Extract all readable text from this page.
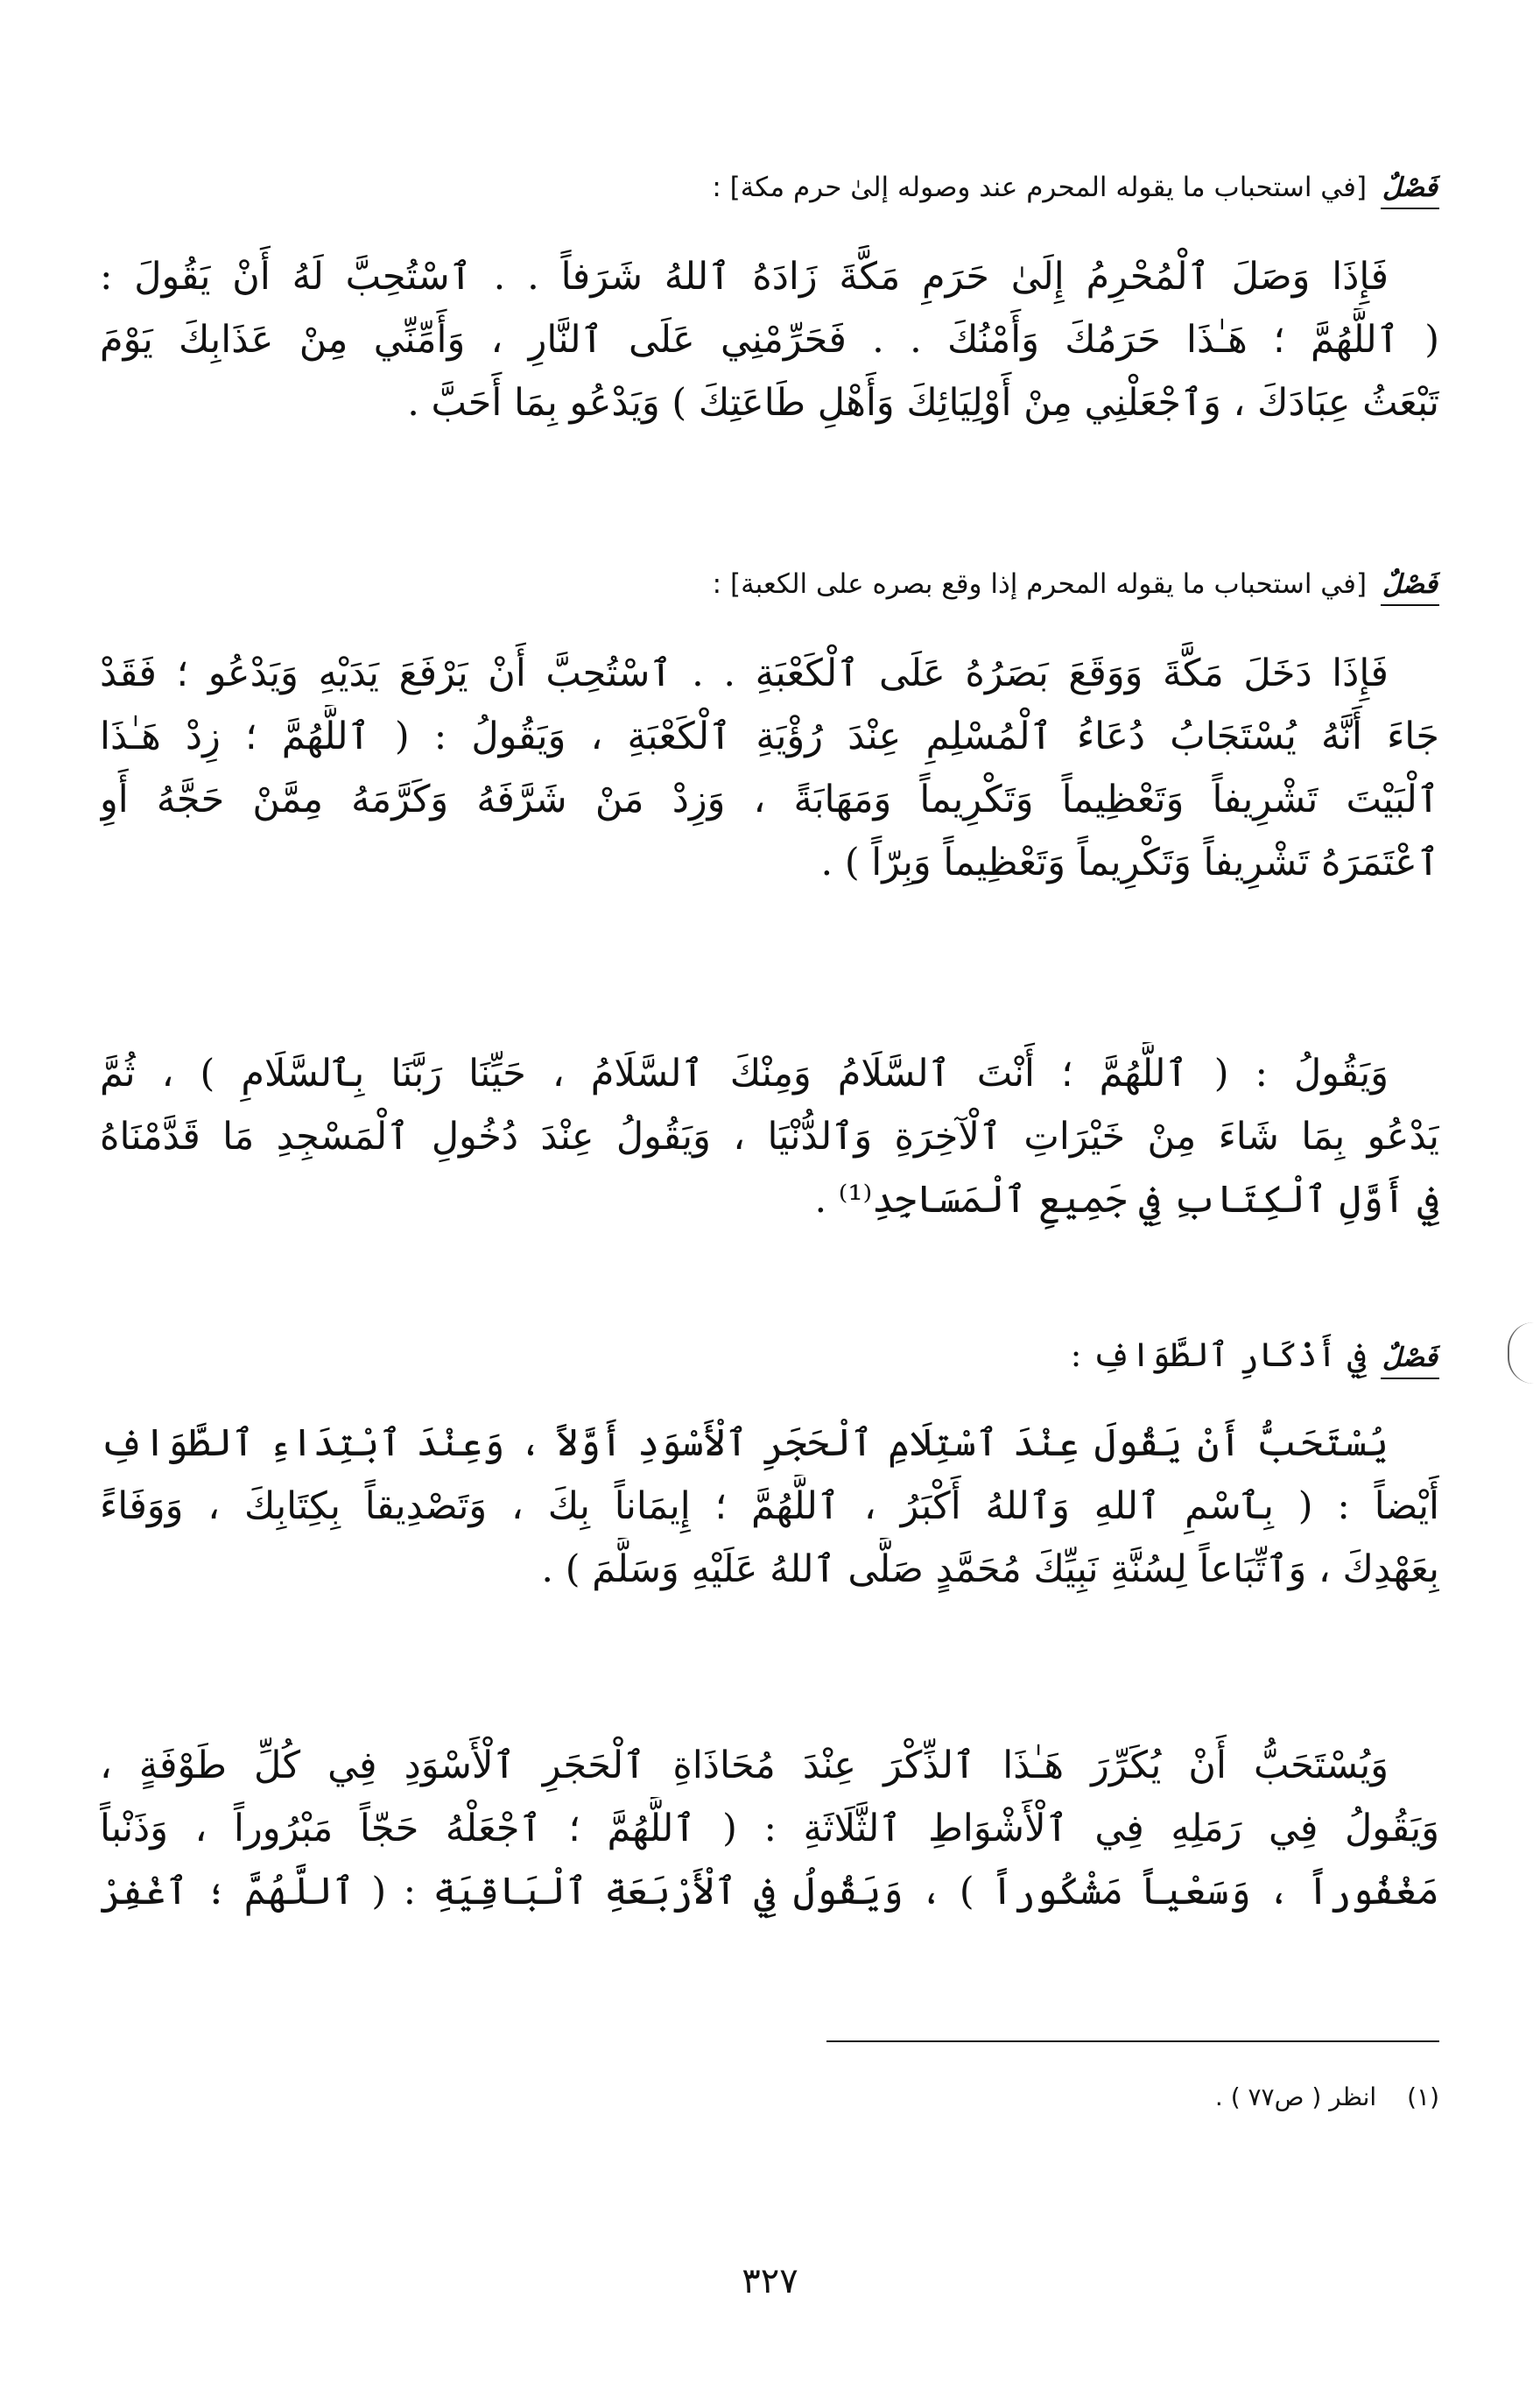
فَصْلٌ [في استحباب ما يقوله المحرم عند وصوله إلىٰ حرم مكة] :
فَإِذَا وَصَلَ ٱلْمُحْرِمُ إِلَىٰ حَرَمِ مَكَّةَ زَادَهُ ٱللهُ شَرَفاً . . ٱسْتُحِبَّ لَهُ أَنْ يَقُولَ :
( ٱللَّهُمَّ ؛ هَـٰذَا حَرَمُكَ وَأَمْنُكَ . . فَحَرِّمْنِي عَلَى ٱلنَّارِ ، وَأَمِّنِّي مِنْ عَذَابِكَ يَوْمَ
تَبْعَثُ عِبَادَكَ ، وَٱجْعَلْنِي مِنْ أَوْلِيَائِكَ وَأَهْلِ طَاعَتِكَ ) وَيَدْعُو بِمَا أَحَبَّ .
فَصْلٌ [في استحباب ما يقوله المحرم إذا وقع بصره على الكعبة] :
فَإِذَا دَخَلَ مَكَّةَ وَوَقَعَ بَصَرُهُ عَلَى ٱلْكَعْبَةِ . . ٱسْتُحِبَّ أَنْ يَرْفَعَ يَدَيْهِ وَيَدْعُو ؛ فَقَدْ
جَاءَ أَنَّهُ يُسْتَجَابُ دُعَاءُ ٱلْمُسْلِمِ عِنْدَ رُؤْيَةِ ٱلْكَعْبَةِ ، وَيَقُولُ : ( ٱللَّهُمَّ ؛ زِدْ هَـٰذَا
ٱلْبَيْتَ تَشْرِيفاً وَتَعْظِيماً وَتَكْرِيماً وَمَهَابَةً ، وَزِدْ مَنْ شَرَّفَهُ وَكَرَّمَهُ مِمَّنْ حَجَّهُ أَوِ
ٱعْتَمَرَهُ تَشْرِيفاً وَتَكْرِيماً وَتَعْظِيماً وَبِرّاً ) .
وَيَقُولُ : ( ٱللَّهُمَّ ؛ أَنْتَ ٱلسَّلَامُ وَمِنْكَ ٱلسَّلَامُ ، حَيِّنَا رَبَّنَا بِٱلسَّلَامِ ) ، ثُمَّ
يَدْعُو بِمَا شَاءَ مِنْ خَيْرَاتِ ٱلْآخِرَةِ وَٱلدُّنْيَا ، وَيَقُولُ عِنْدَ دُخُولِ ٱلْمَسْجِدِ مَا قَدَّمْنَاهُ
فِي أَوَّلِ ٱلْكِتَابِ فِي جَمِيعِ ٱلْمَسَاجِدِ⁽¹⁾ .
فَصْلٌ فِي أَذْكَارِ ٱلطَّوَافِ :
يُسْتَحَبُّ أَنْ يَقُولَ عِنْدَ ٱسْتِلَامِ ٱلْحَجَرِ ٱلْأَسْوَدِ أَوَّلاً ، وَعِنْدَ ٱبْتِدَاءِ ٱلطَّوَافِ
أَيْضاً : ( بِٱسْمِ ٱللهِ وَٱللهُ أَكْبَرُ ، ٱللَّهُمَّ ؛ إِيمَاناً بِكَ ، وَتَصْدِيقاً بِكِتَابِكَ ، وَوَفَاءً
بِعَهْدِكَ ، وَٱتِّبَاعاً لِسُنَّةِ نَبِيِّكَ مُحَمَّدٍ صَلَّى ٱللهُ عَلَيْهِ وَسَلَّمَ ) .
وَيُسْتَحَبُّ أَنْ يُكَرِّرَ هَـٰذَا ٱلذِّكْرَ عِنْدَ مُحَاذَاةِ ٱلْحَجَرِ ٱلْأَسْوَدِ فِي كُلِّ طَوْفَةٍ ،
وَيَقُولُ فِي رَمَلِهِ فِي ٱلْأَشْوَاطِ ٱلثَّلَاثَةِ : ( ٱللَّهُمَّ ؛ ٱجْعَلْهُ حَجّاً مَبْرُوراً ، وَذَنْباً
مَغْفُوراً ، وَسَعْياً مَشْكُوراً ) ، وَيَقُولُ فِي ٱلْأَرْبَعَةِ ٱلْبَاقِيَةِ : ( ٱللَّهُمَّ ؛ ٱغْفِرْ
(١) انظر ( ص٧٧ ) .
٣٢٧
